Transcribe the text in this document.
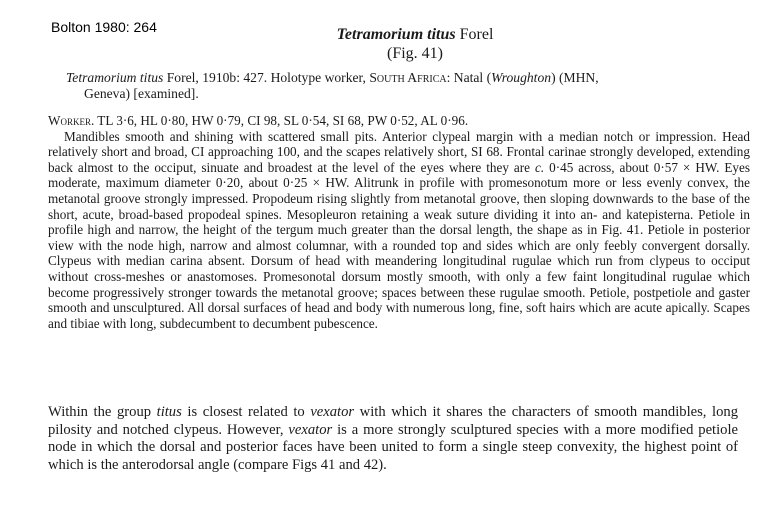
Bolton 1980: 264	Tetramorium titus Forel
(Fig. 41)
Tetramorium titus Forel, 1910b: 427. Holotype worker, South Africa: Natal (Wroughton) (MHN,
Geneva) [examined].
Worker. TL 3·6, HL 0·80, HW 0·79, CI 98, SL 0·54, SI 68, PW 0·52, AL 0·96.
Mandibles smooth and shining with scattered small pits. Anterior clypeal margin with a median notch or impression. Head relatively short and broad, CI approaching 100, and the scapes relatively short, SI 68. Frontal carinae strongly developed, extending back almost to the occiput, sinuate and broadest at the level of the eyes where they are c. 0·45 across, about 0·57 × HW. Eyes moderate, maximum diameter 0·20, about 0·25 × HW. Alitrunk in profile with promesonotum more or less evenly convex, the metanotal groove strongly impressed. Propodeum rising slightly from metanotal groove, then sloping downwards to the base of the short, acute, broad-based propodeal spines. Mesopleuron retaining a weak suture dividing it into an- and katepisterna. Petiole in profile high and narrow, the height of the tergum much greater than the dorsal length, the shape as in Fig. 41. Petiole in posterior view with the node high, narrow and almost columnar, with a rounded top and sides which are only feebly convergent dorsally. Clypeus with median carina absent. Dorsum of head with meandering longitudinal rugulae which run from clypeus to occiput without cross-meshes or anastomoses. Promesonotal dorsum mostly smooth, with only a few faint longitudinal rugulae which become progressively stronger towards the metanotal groove; spaces between these rugulae smooth. Petiole, postpetiole and gaster smooth and unsculptured. All dorsal surfaces of head and body with numerous long, fine, soft hairs which are acute apically. Scapes and tibiae with long, subdecumbent to decumbent pubescence.
Within the group titus is closest related to vexator with which it shares the characters of smooth mandibles, long pilosity and notched clypeus. However, vexator is a more strongly sculptured species with a more modified petiole node in which the dorsal and posterior faces have been united to form a single steep convexity, the highest point of which is the anterodorsal angle (compare Figs 41 and 42).
